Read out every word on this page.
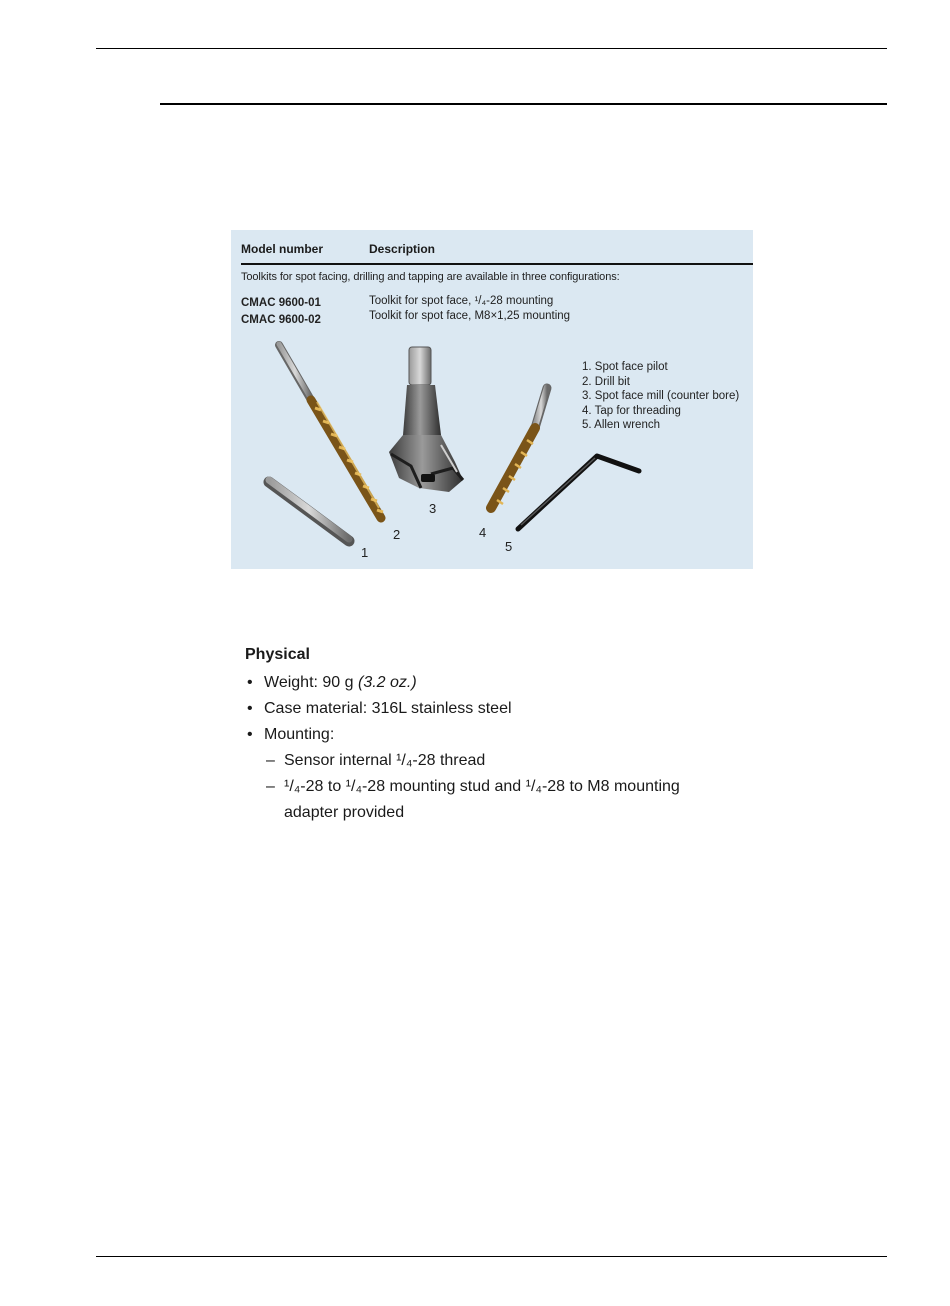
Model number	Description
Toolkits for spot facing, drilling and tapping are available in three configurations:
CMAC 9600-01	Toolkit for spot face, ¹/₄-28 mounting
CMAC 9600-02	Toolkit for spot face, M8×1,25 mounting
1
2
3
4
5
1. Spot face pilot
2. Drill bit
3. Spot face mill (counter bore)
4. Tap for threading
5. Allen wrench
Physical
• Weight: 90 g (3.2 oz.)
• Case material: 316L stainless steel
• Mounting:
– Sensor internal ¹/₄-28 thread
– ¹/₄-28 to ¹/₄-28 mounting stud and ¹/₄-28 to M8 mounting
adapter provided
